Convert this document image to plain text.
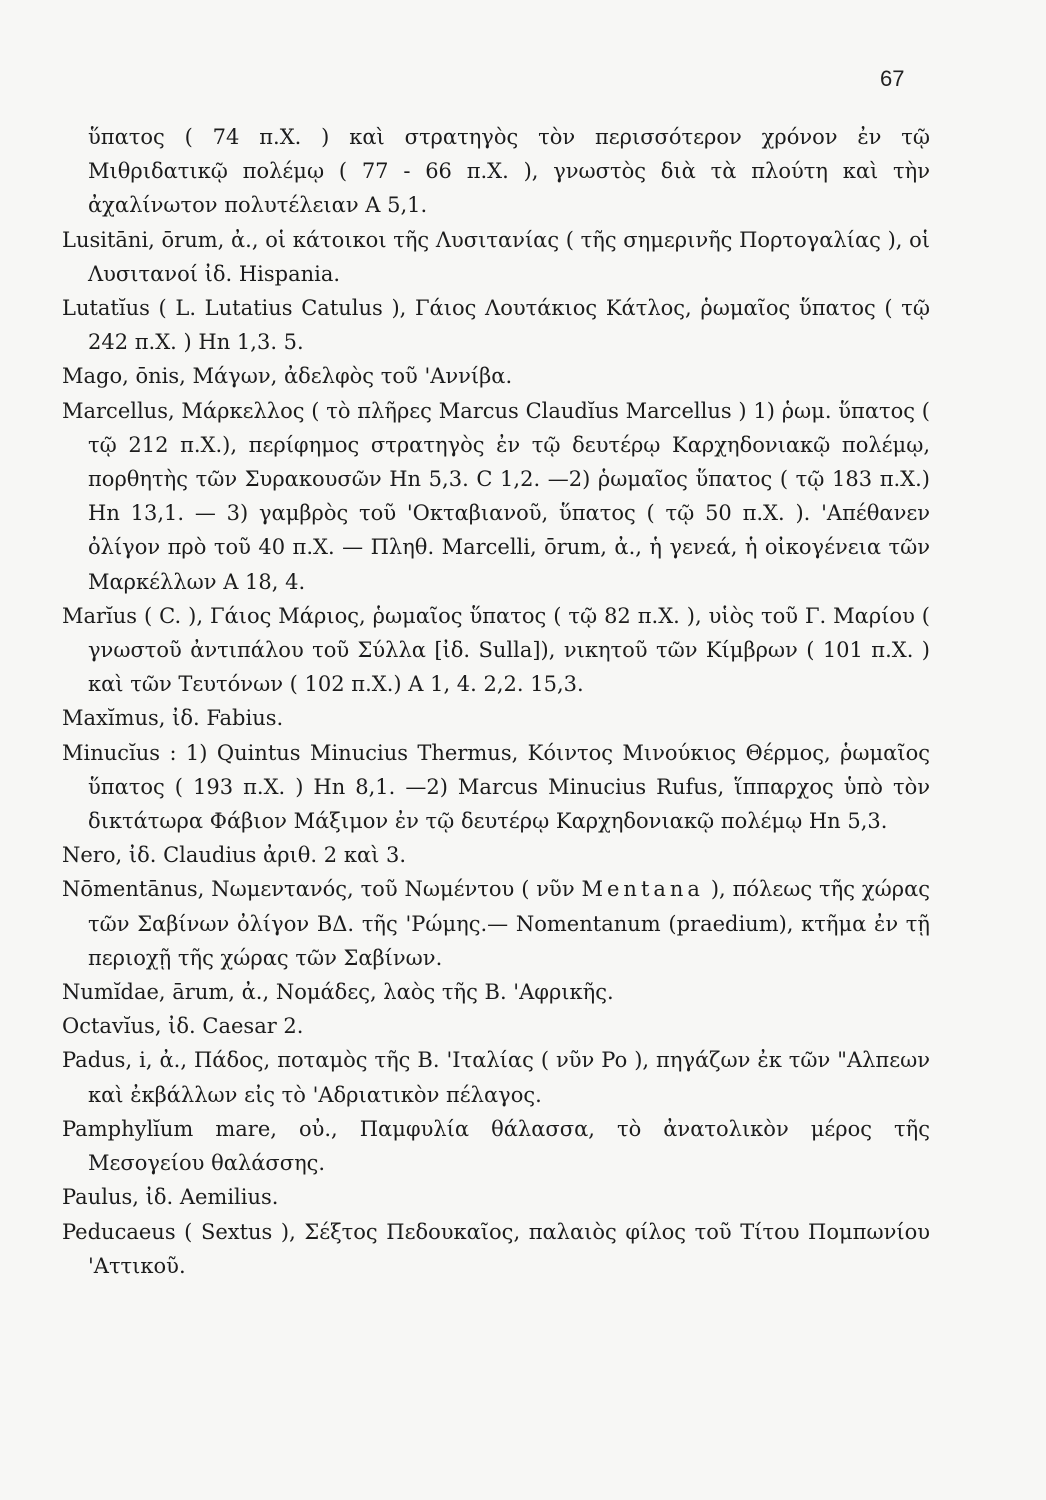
67

ὕπατος ( 74 π.Χ. ) καὶ στρατηγὸς τὸν περισσότερον χρόνον ἐν τῷ Μιθριδατικῷ πολέμῳ ( 77 - 66 π.Χ. ), γνωστὸς διὰ τὰ πλούτη καὶ τὴν ἀχαλίνωτον πολυτέλειαν Α 5,1.

Lusitāni, ōrum, ἀ., οἱ κάτοικοι τῆς Λυσιτανίας ( τῆς σημερινῆς Πορτογαλίας ), οἱ Λυσιτανοί ἰδ. Hispania.

Lutatĭus ( L. Lutatius Catulus ), Γάιος Λουτάκιος Κάτλος, ῥωμαῖος ὕπατος ( τῷ 242 π.Χ. ) Hn 1,3. 5.

Mago, ōnis, Μάγων, ἀδελφὸς τοῦ 'Αννίβα.

Marcellus, Μάρκελλος ( τὸ πλῆρες Marcus Claudĭus Marcellus ) 1) ῥωμ. ὕπατος ( τῷ 212 π.Χ.), περίφημος στρατηγὸς ἐν τῷ δευτέρῳ Καρχηδονιακῷ πολέμῳ, πορθητὴς τῶν Συρακουσῶν Hn 5,3. C 1,2. —2) ῥωμαῖος ὕπατος ( τῷ 183 π.Χ.) Hn 13,1. — 3) γαμβρὸς τοῦ 'Οκταβιανοῦ, ὕπατος ( τῷ 50 π.Χ. ). 'Απέθανεν ὀλίγον πρὸ τοῦ 40 π.Χ. — Πληθ. Marcelli, ōrum, ἀ., ἡ γενεά, ἡ οἰκογένεια τῶν Μαρκέλλων Α 18, 4.

Marĭus ( C. ), Γάιος Μάριος, ῥωμαῖος ὕπατος ( τῷ 82 π.Χ. ), υἱὸς τοῦ Γ. Μαρίου ( γνωστοῦ ἀντιπάλου τοῦ Σύλλα [ἰδ. Sulla]), νικητοῦ τῶν Κίμβρων ( 101 π.Χ. ) καὶ τῶν Τευτόνων ( 102 π.Χ.) Α 1, 4. 2,2. 15,3.

Maxĭmus, ἰδ. Fabius.

Minucĭus : 1) Quintus Minucius Thermus, Κόιντος Μινούκιος Θέρμος, ῥωμαῖος ὕπατος ( 193 π.Χ. ) Hn 8,1. —2) Marcus Minucius Rufus, ἵππαρχος ὑπὸ τὸν δικτάτωρα Φάβιον Μάξιμον ἐν τῷ δευτέρῳ Καρχηδονιακῷ πολέμῳ Hn 5,3.

Nero, ἰδ. Claudius ἀριθ. 2 καὶ 3.

Nōmentānus, Νωμεντανός, τοῦ Νωμέντου ( νῦν Mentana ), πόλεως τῆς χώρας τῶν Σαβίνων ὀλίγον ΒΔ. τῆς 'Ρώμης.— Nomentanum (praedium), κτῆμα ἐν τῇ περιοχῇ τῆς χώρας τῶν Σαβίνων.

Numĭdae, ārum, ἀ., Νομάδες, λαὸς τῆς Β. 'Αφρικῆς.

Octavĭus, ἰδ. Caesar 2.

Padus, i, ἀ., Πάδος, ποταμὸς τῆς Β. 'Ιταλίας ( νῦν Po ), πηγάζων ἐκ τῶν "Αλπεων καὶ ἐκβάλλων εἰς τὸ 'Αδριατικὸν πέλαγος.

Pamphylĭum mare, οὐ., Παμφυλία θάλασσα, τὸ ἀνατολικὸν μέρος τῆς Μεσογείου θαλάσσης.

Paulus, ἰδ. Aemilius.

Peducaeus ( Sextus ), Σέξτος Πεδουκαῖος, παλαιὸς φίλος τοῦ Τίτου Πομπωνίου 'Αττικοῦ.
